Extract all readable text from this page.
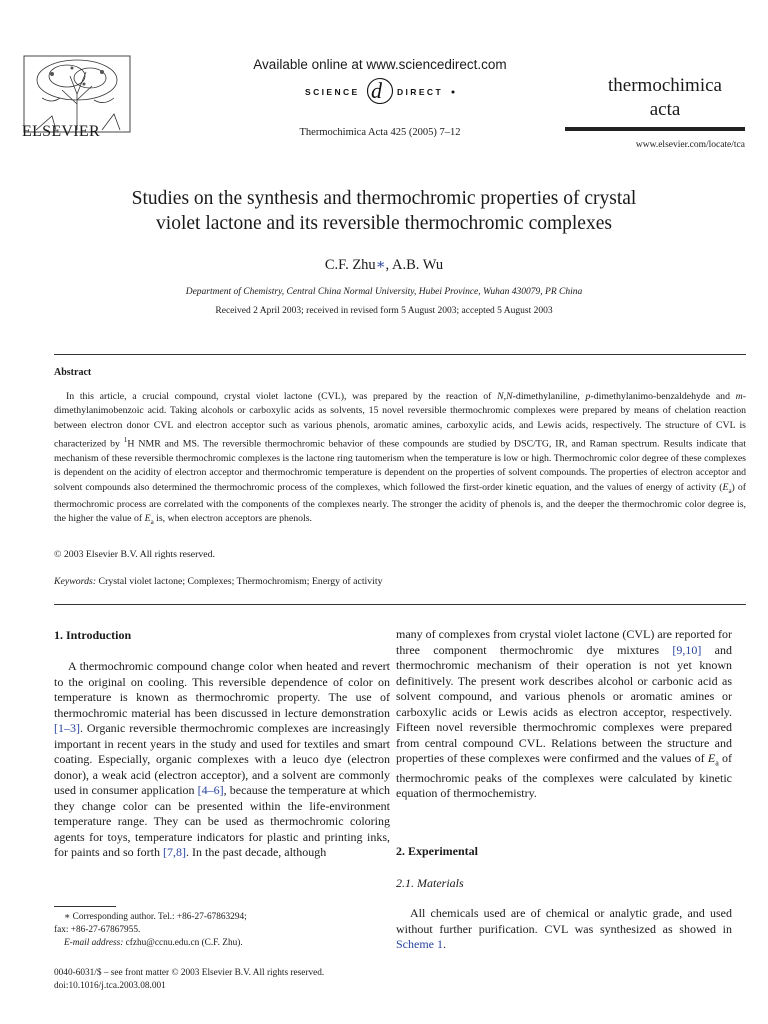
ELSEVIER
Available online at www.sciencedirect.com
SCIENCE d DIRECT
Thermochimica Acta 425 (2005) 7–12
thermochimica
acta
www.elsevier.com/locate/tca
Studies on the synthesis and thermochromic properties of crystal
violet lactone and its reversible thermochromic complexes
C.F. Zhu∗, A.B. Wu
Department of Chemistry, Central China Normal University, Hubei Province, Wuhan 430079, PR China
Received 2 April 2003; received in revised form 5 August 2003; accepted 5 August 2003
Abstract
In this article, a crucial compound, crystal violet lactone (CVL), was prepared by the reaction of N,N-dimethylaniline, p-dimethylanimo-benzaldehyde and m-dimethylanimobenzoic acid. Taking alcohols or carboxylic acids as solvents, 15 novel reversible thermochromic complexes were prepared by means of chelation reaction between electron donor CVL and electron acceptor such as various phenols, aromatic amines, carboxylic acids, and Lewis acids, respectively. The structure of CVL is characterized by $^1$H NMR and MS. The reversible thermochromic behavior of these compounds are studied by DSC/TG, IR, and Raman spectrum. Results indicate that mechanism of these reversible thermochromic complexes is the lactone ring tautomerism when the temperature is low or high. Thermochromic color degree of these complexes is dependent on the acidity of electron acceptor and thermochromic temperature is dependent on the properties of solvent compounds. The properties of electron acceptor and solvent compounds also determined the thermochromic process of the complexes, which followed the first-order kinetic equation, and the values of energy of activity $(E_a)$ of thermochromic process are correlated with the components of the complexes nearly. The stronger the acidity of phenols is, and the deeper the thermochromic color degree is, the higher the value of $E_a$ is, when electron acceptors are phenols.
© 2003 Elsevier B.V. All rights reserved.
Keywords: Crystal violet lactone; Complexes; Thermochromism; Energy of activity
1. Introduction

A thermochromic compound change color when heated and revert to the original on cooling. This reversible dependence of color on temperature is known as thermochromic property. The use of thermochromic material has been discussed in lecture demonstration [1–3]. Organic reversible thermochromic complexes are increasingly important in recent years in the study and used for textiles and smart coating. Especially, organic complexes with a leuco dye (electron donor), a weak acid (electron acceptor), and a solvent are commonly used in consumer application [4–6], because the temperature at which they change color can be presented within the life-environment temperature range. They can be used as thermochromic coloring agents for toys, temperature indicators for plastic and printing inks, for paints and so forth [7,8]. In the past decade, although

∗ Corresponding author. Tel.: +86-27-67863294;
fax: +86-27-67867955.
E-mail address: cfzhu@ccnu.edu.cn (C.F. Zhu).
0040-6031/$ – see front matter © 2003 Elsevier B.V. All rights reserved.
doi:10.1016/j.tca.2003.08.001

many of complexes from crystal violet lactone (CVL) are reported for three component thermochromic dye mixtures [9,10] and thermochromic mechanism of their operation is not yet known definitively. The present work describes alcohol or carbonic acid as solvent compound, and various phenols or aromatic amines or carboxylic acids or Lewis acids as electron acceptor, respectively. Fifteen novel reversible thermochromic complexes were prepared from central compound CVL. Relations between the structure and properties of these complexes were confirmed and the values of $E_a$ of thermochromic peaks of the complexes were calculated by kinetic equation of thermochemistry.

2. Experimental
2.1. Materials

All chemicals used are of chemical or analytic grade, and used without further purification. CVL was synthesized as showed in Scheme 1.
